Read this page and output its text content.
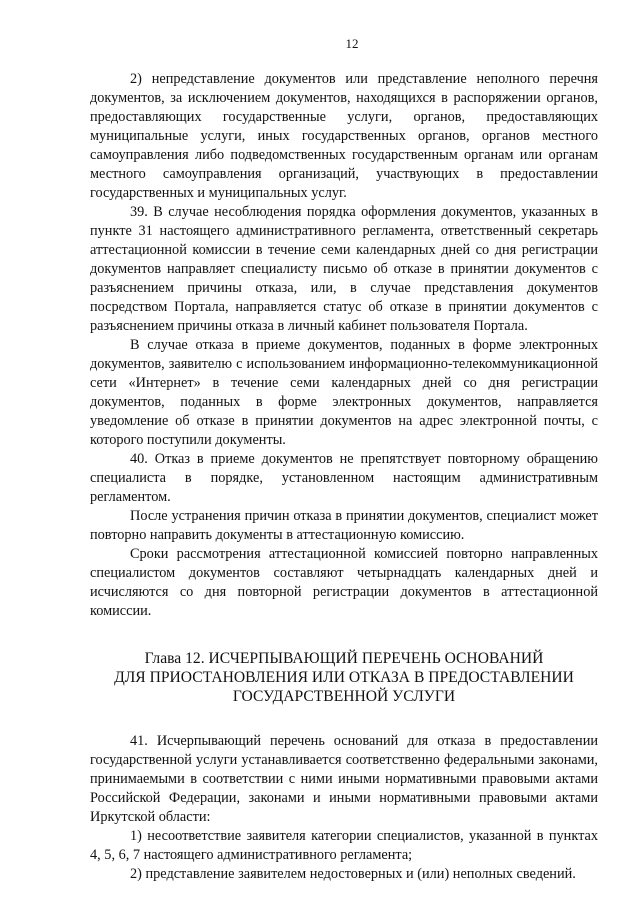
12

2) непредставление документов или представление неполного перечня документов, за исключением документов, находящихся в распоряжении органов, предоставляющих государственные услуги, органов, предоставляющих муниципальные услуги, иных государственных органов, органов местного самоуправления либо подведомственных государственным органам или органам местного самоуправления организаций, участвующих в предоставлении государственных и муниципальных услуг.

39. В случае несоблюдения порядка оформления документов, указанных в пункте 31 настоящего административного регламента, ответственный секретарь аттестационной комиссии в течение семи календарных дней со дня регистрации документов направляет специалисту письмо об отказе в принятии документов с разъяснением причины отказа, или, в случае представления документов посредством Портала, направляется статус об отказе в принятии документов с разъяснением причины отказа в личный кабинет пользователя Портала.

В случае отказа в приеме документов, поданных в форме электронных документов, заявителю с использованием информационно-телекоммуникационной сети «Интернет» в течение семи календарных дней со дня регистрации документов, поданных в форме электронных документов, направляется уведомление об отказе в принятии документов на адрес электронной почты, с которого поступили документы.

40. Отказ в приеме документов не препятствует повторному обращению специалиста в порядке, установленном настоящим административным регламентом.

После устранения причин отказа в принятии документов, специалист может повторно направить документы в аттестационную комиссию.

Сроки рассмотрения аттестационной комиссией повторно направленных специалистом документов составляют четырнадцать календарных дней и исчисляются со дня повторной регистрации документов в аттестационной комиссии.

Глава 12. ИСЧЕРПЫВАЮЩИЙ ПЕРЕЧЕНЬ ОСНОВАНИЙ
ДЛЯ ПРИОСТАНОВЛЕНИЯ ИЛИ ОТКАЗА В ПРЕДОСТАВЛЕНИИ
ГОСУДАРСТВЕННОЙ УСЛУГИ

41. Исчерпывающий перечень оснований для отказа в предоставлении государственной услуги устанавливается соответственно федеральными законами, принимаемыми в соответствии с ними иными нормативными правовыми актами Российской Федерации, законами и иными нормативными правовыми актами Иркутской области:

1) несоответствие заявителя категории специалистов, указанной в пунктах 4, 5, 6, 7 настоящего административного регламента;

2) представление заявителем недостоверных и (или) неполных сведений.
